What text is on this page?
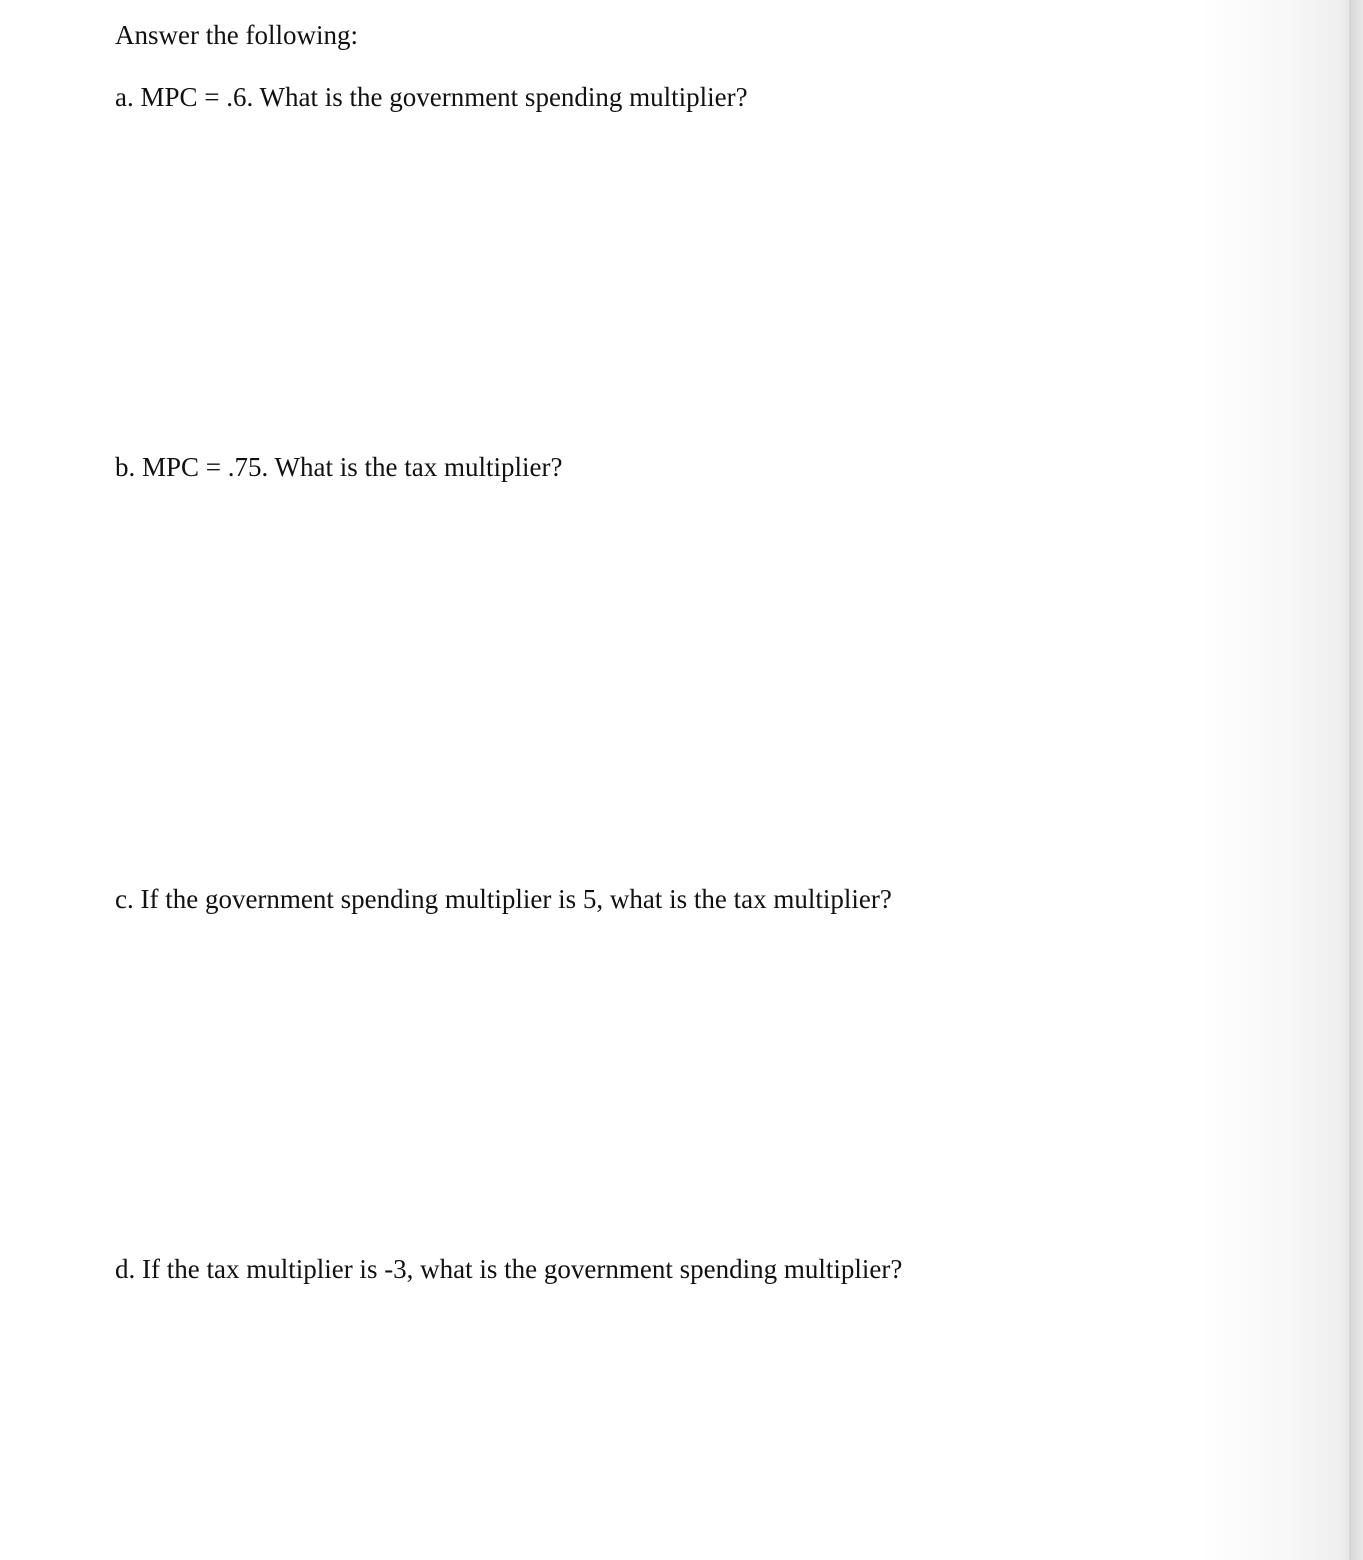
Answer the following:

a. MPC = .6. What is the government spending multiplier?

b. MPC = .75. What is the tax multiplier?

c. If the government spending multiplier is 5, what is the tax multiplier?

d. If the tax multiplier is -3, what is the government spending multiplier?
